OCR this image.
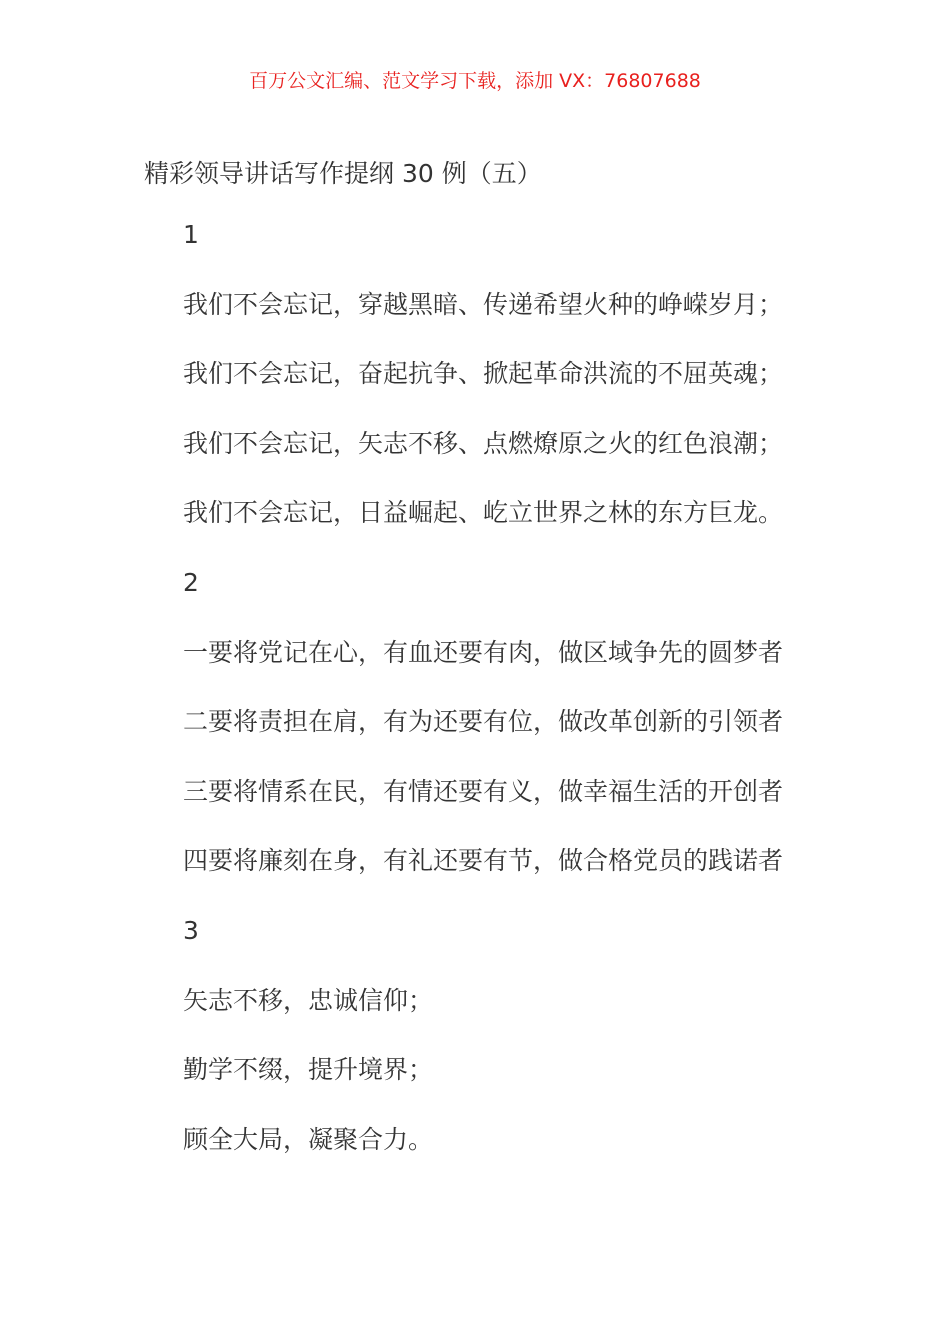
百万公文汇编、范文学习下载，添加 VX：76807688
精彩领导讲话写作提纲 30 例（五）
1
我们不会忘记，穿越黑暗、传递希望火种的峥嵘岁月；
我们不会忘记，奋起抗争、掀起革命洪流的不屈英魂；
我们不会忘记，矢志不移、点燃燎原之火的红色浪潮；
我们不会忘记，日益崛起、屹立世界之林的东方巨龙。
2
一要将党记在心，有血还要有肉，做区域争先的圆梦者
二要将责担在肩，有为还要有位，做改革创新的引领者
三要将情系在民，有情还要有义，做幸福生活的开创者
四要将廉刻在身，有礼还要有节，做合格党员的践诺者
3
矢志不移，忠诚信仰；
勤学不缀，提升境界；
顾全大局，凝聚合力。
